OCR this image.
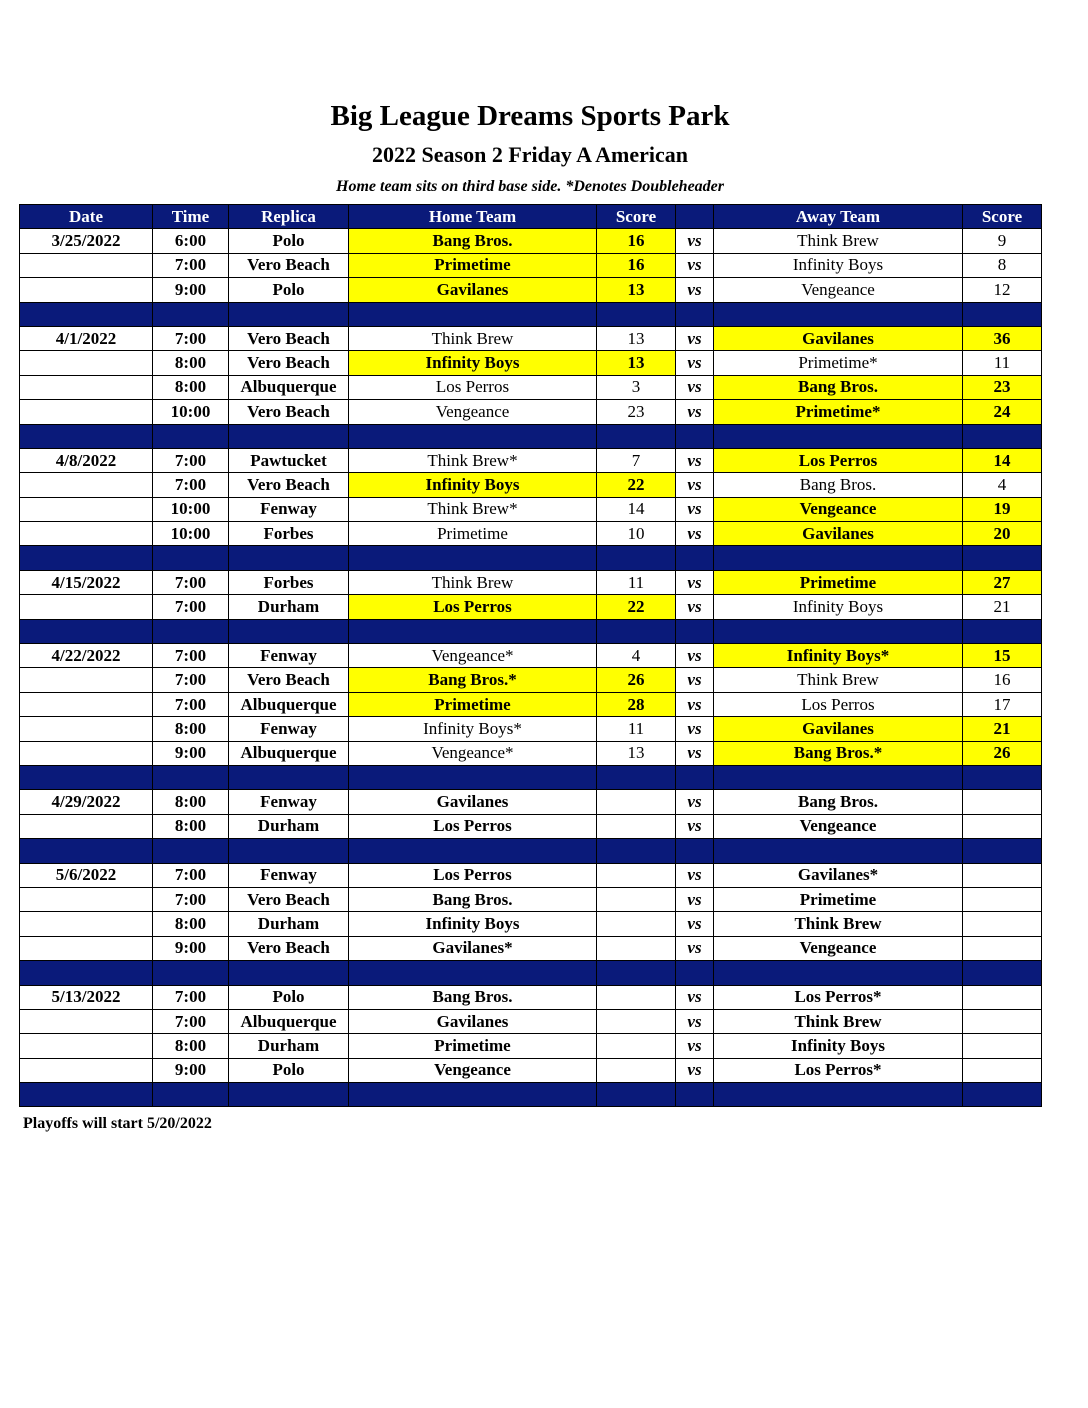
Big League Dreams Sports Park
2022 Season 2 Friday A American
Home team sits on third base side. *Denotes Doubleheader
Date	Time	Replica	Home Team	Score		Away Team	Score
3/25/2022	6:00	Polo	Bang Bros.	16	vs	Think Brew	9
	7:00	Vero Beach	Primetime	16	vs	Infinity Boys	8
	9:00	Polo	Gavilanes	13	vs	Vengeance	12

4/1/2022	7:00	Vero Beach	Think Brew	13	vs	Gavilanes	36
	8:00	Vero Beach	Infinity Boys	13	vs	Primetime*	11
	8:00	Albuquerque	Los Perros	3	vs	Bang Bros.	23
	10:00	Vero Beach	Vengeance	23	vs	Primetime*	24

4/8/2022	7:00	Pawtucket	Think Brew*	7	vs	Los Perros	14
	7:00	Vero Beach	Infinity Boys	22	vs	Bang Bros.	4
	10:00	Fenway	Think Brew*	14	vs	Vengeance	19
	10:00	Forbes	Primetime	10	vs	Gavilanes	20

4/15/2022	7:00	Forbes	Think Brew	11	vs	Primetime	27
	7:00	Durham	Los Perros	22	vs	Infinity Boys	21

4/22/2022	7:00	Fenway	Vengeance*	4	vs	Infinity Boys*	15
	7:00	Vero Beach	Bang Bros.*	26	vs	Think Brew	16
	7:00	Albuquerque	Primetime	28	vs	Los Perros	17
	8:00	Fenway	Infinity Boys*	11	vs	Gavilanes	21
	9:00	Albuquerque	Vengeance*	13	vs	Bang Bros.*	26

4/29/2022	8:00	Fenway	Gavilanes		vs	Bang Bros.	
	8:00	Durham	Los Perros		vs	Vengeance	

5/6/2022	7:00	Fenway	Los Perros		vs	Gavilanes*	
	7:00	Vero Beach	Bang Bros.		vs	Primetime	
	8:00	Durham	Infinity Boys		vs	Think Brew	
	9:00	Vero Beach	Gavilanes*		vs	Vengeance	

5/13/2022	7:00	Polo	Bang Bros.		vs	Los Perros*	
	7:00	Albuquerque	Gavilanes		vs	Think Brew	
	8:00	Durham	Primetime		vs	Infinity Boys	
	9:00	Polo	Vengeance		vs	Los Perros*	

Playoffs will start 5/20/2022
